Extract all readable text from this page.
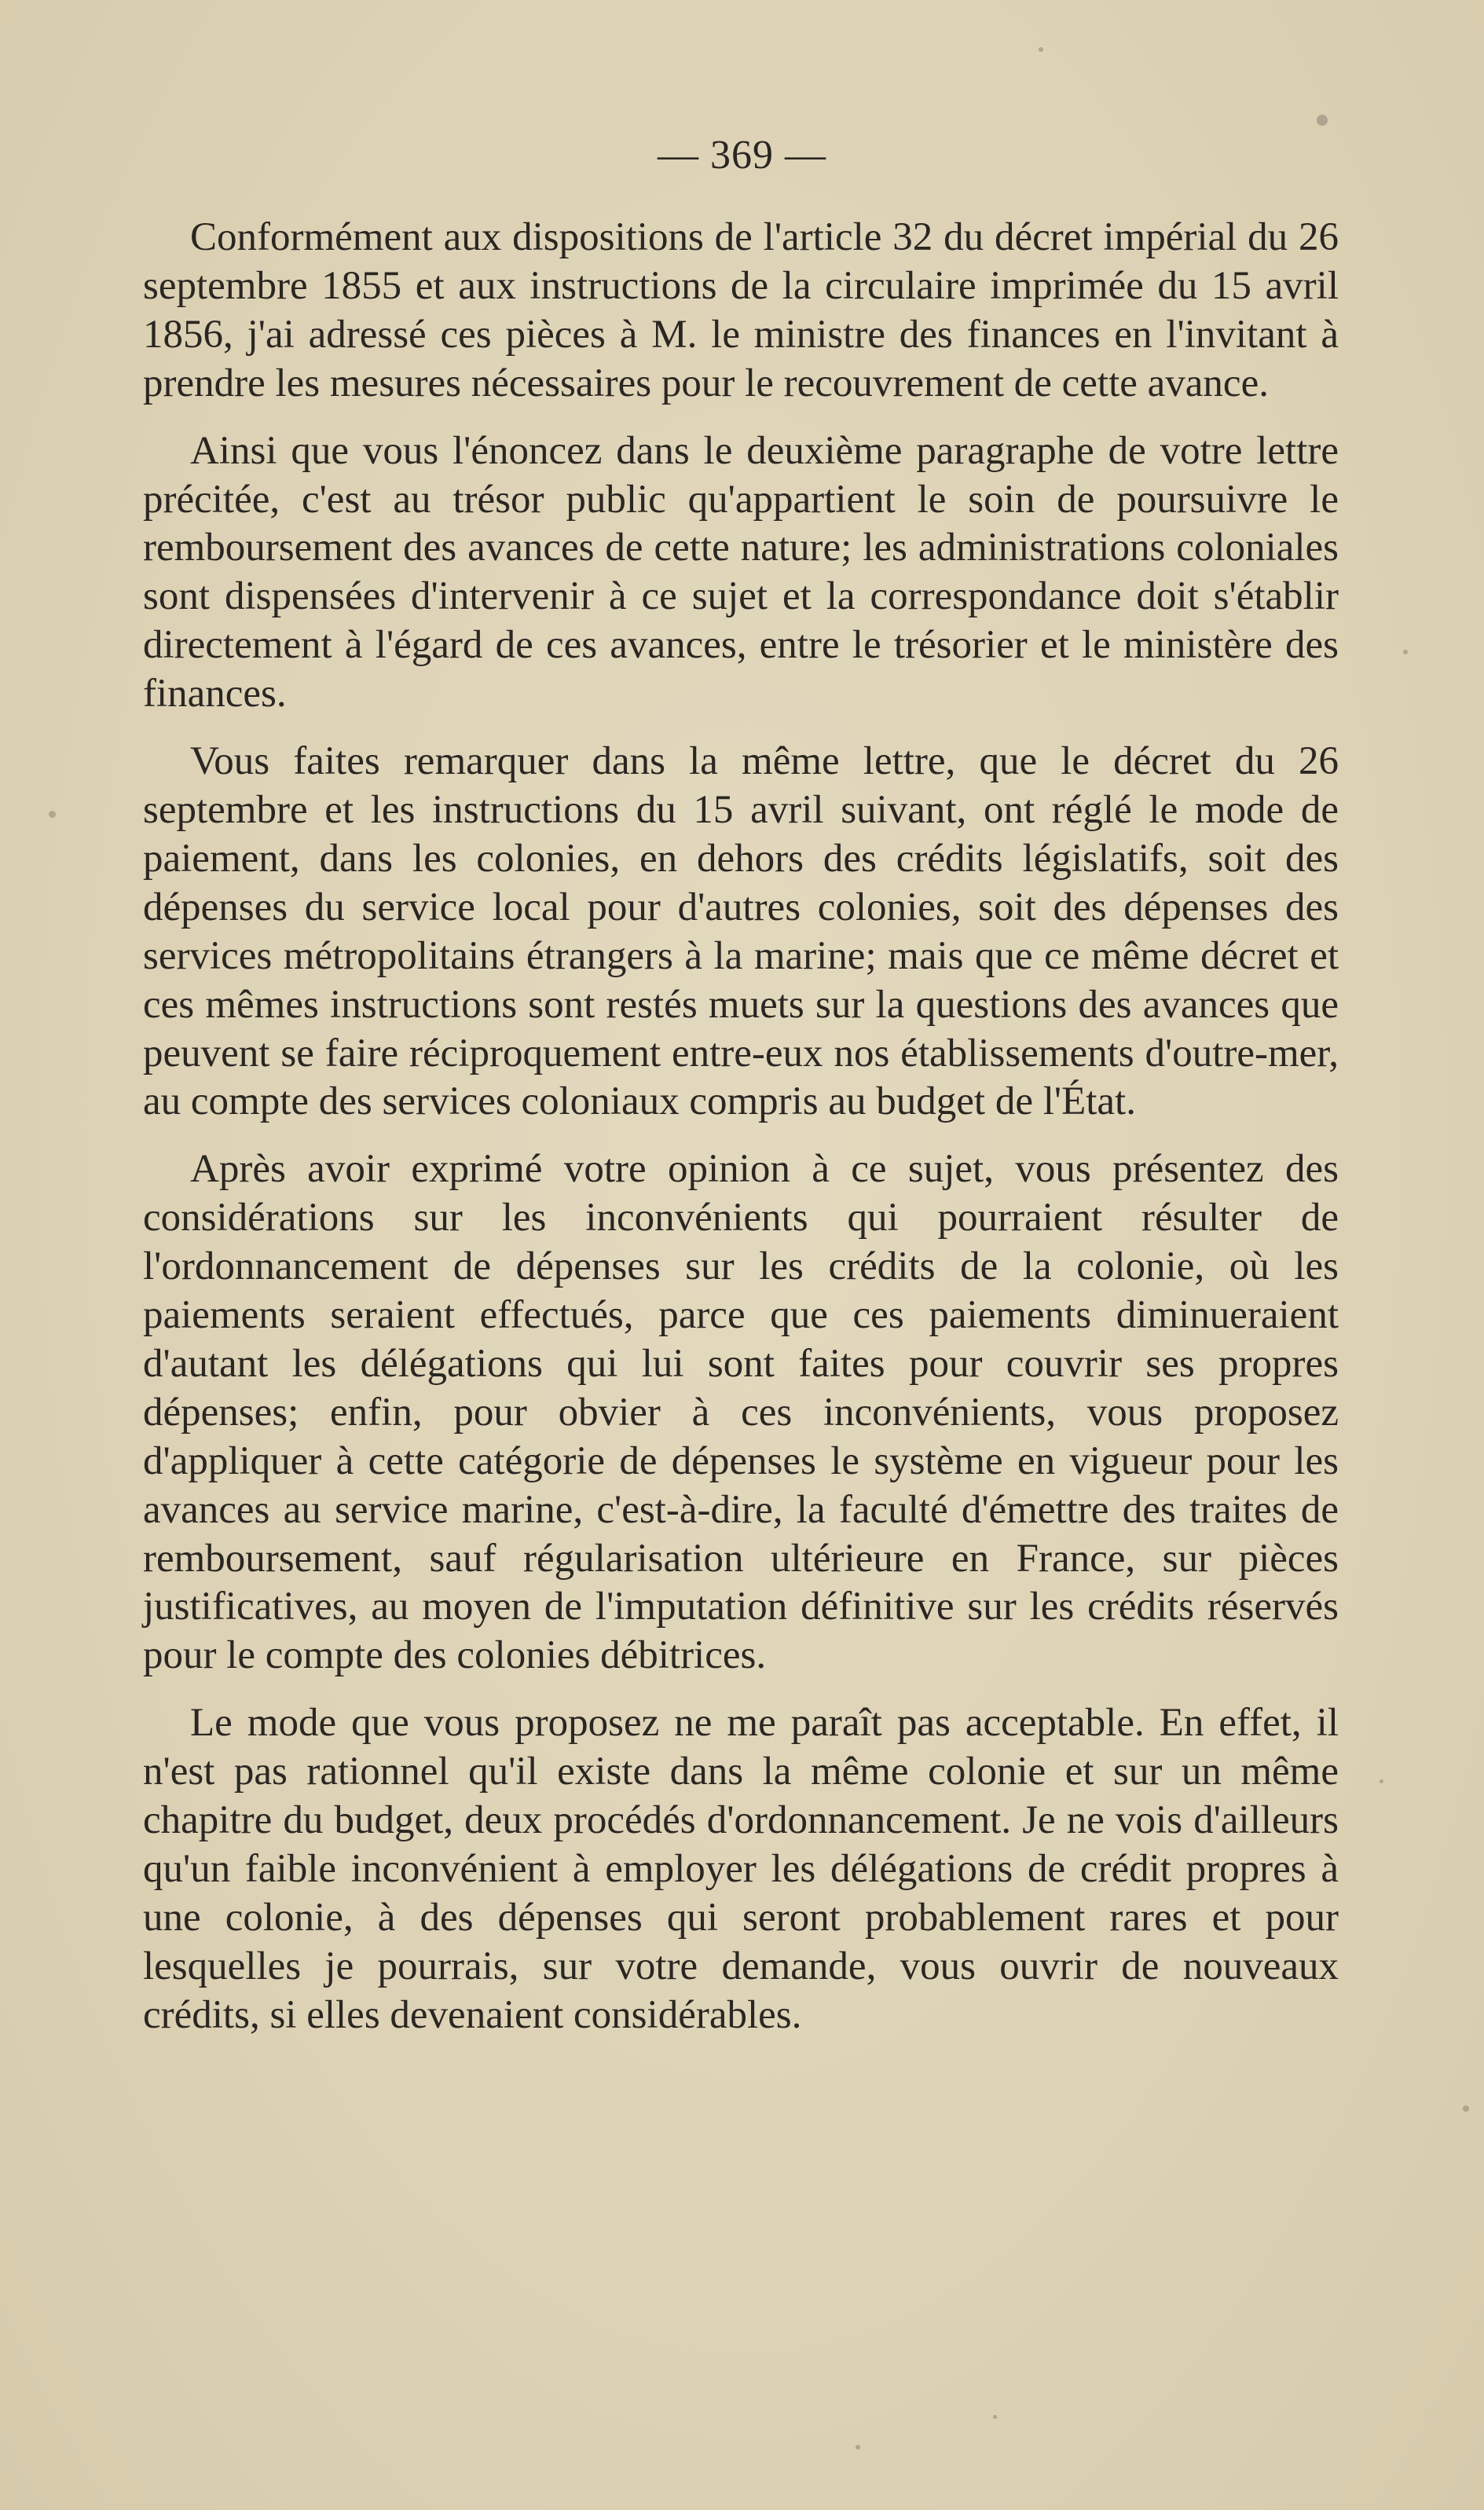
— 369 —

Conformément aux dispositions de l'article 32 du décret impérial du 26 septembre 1855 et aux instructions de la circulaire imprimée du 15 avril 1856, j'ai adressé ces pièces à M. le ministre des finances en l'invitant à prendre les mesures nécessaires pour le recouvrement de cette avance.

Ainsi que vous l'énoncez dans le deuxième paragraphe de votre lettre précitée, c'est au trésor public qu'appartient le soin de poursuivre le remboursement des avances de cette nature; les administrations coloniales sont dispensées d'intervenir à ce sujet et la correspondance doit s'établir directement à l'égard de ces avances, entre le trésorier et le ministère des finances.

Vous faites remarquer dans la même lettre, que le décret du 26 septembre et les instructions du 15 avril suivant, ont réglé le mode de paiement, dans les colonies, en dehors des crédits législatifs, soit des dépenses du service local pour d'autres colonies, soit des dépenses des services métropolitains étrangers à la marine; mais que ce même décret et ces mêmes instructions sont restés muets sur la questions des avances que peuvent se faire réciproquement entre-eux nos établissements d'outre-mer, au compte des services coloniaux compris au budget de l'État.

Après avoir exprimé votre opinion à ce sujet, vous présentez des considérations sur les inconvénients qui pourraient résulter de l'ordonnancement de dépenses sur les crédits de la colonie, où les paiements seraient effectués, parce que ces paiements diminueraient d'autant les délégations qui lui sont faites pour couvrir ses propres dépenses; enfin, pour obvier à ces inconvénients, vous proposez d'appliquer à cette catégorie de dépenses le système en vigueur pour les avances au service marine, c'est-à-dire, la faculté d'émettre des traites de remboursement, sauf régularisation ultérieure en France, sur pièces justificatives, au moyen de l'imputation définitive sur les crédits réservés pour le compte des colonies débitrices.

Le mode que vous proposez ne me paraît pas acceptable. En effet, il n'est pas rationnel qu'il existe dans la même colonie et sur un même chapitre du budget, deux procédés d'ordonnancement. Je ne vois d'ailleurs qu'un faible inconvénient à employer les délégations de crédit propres à une colonie, à des dépenses qui seront probablement rares et pour lesquelles je pourrais, sur votre demande, vous ouvrir de nouveaux crédits, si elles devenaient considérables.
